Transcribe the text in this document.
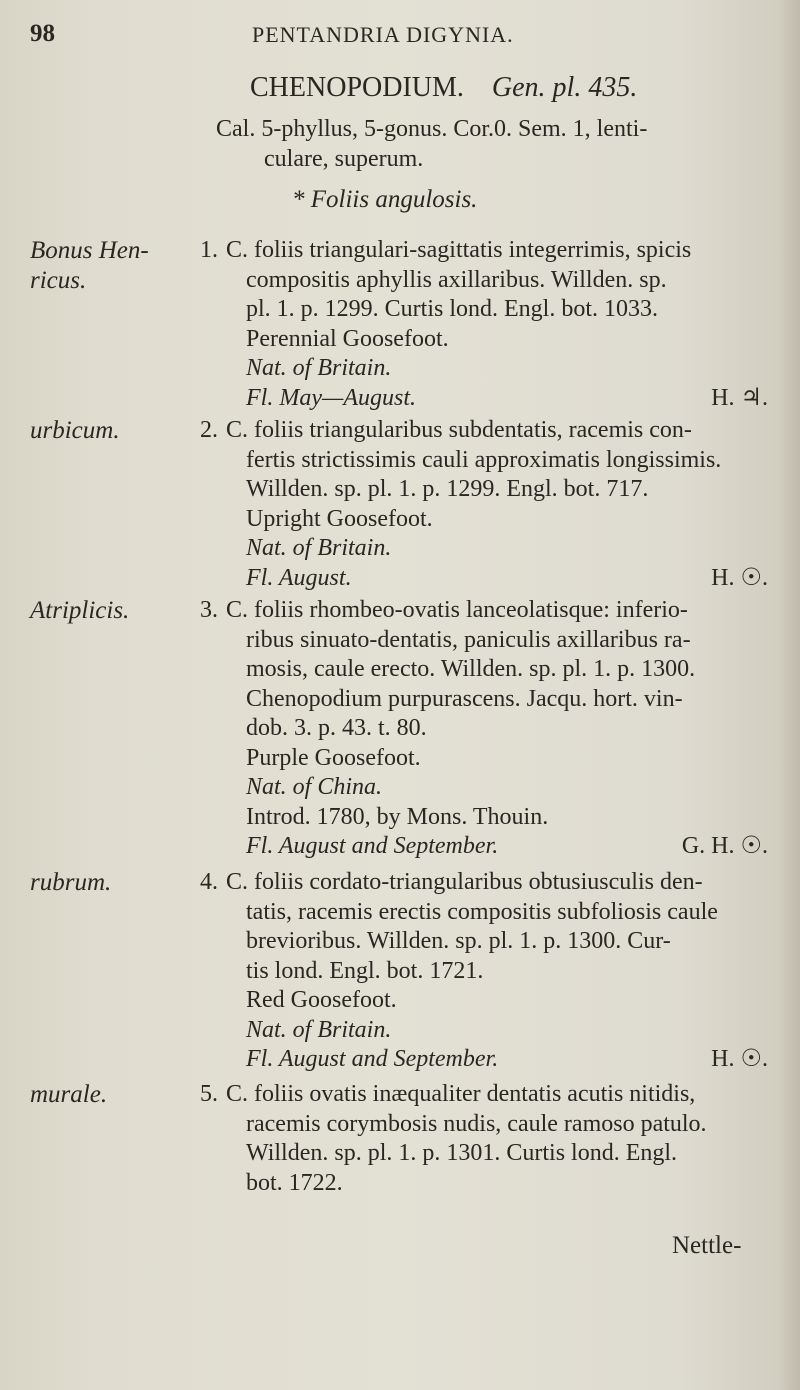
98	PENTANDRIA DIGYNIA.
CHENOPODIUM. Gen. pl. 435.
Cal. 5-phyllus, 5-gonus. Cor.0. Sem. 1, lenti-
culare, superum.
* Foliis angulosis.
Bonus Hen-
ricus.
1. C. foliis triangulari-sagittatis integerrimis, spicis
compositis aphyllis axillaribus. Willden. sp.
pl. 1. p. 1299. Curtis lond. Engl. bot. 1033.
Perennial Goosefoot.
Nat. of Britain.
Fl. May—August.	H. ♃.
urbicum.	2. C. foliis triangularibus subdentatis, racemis con-
fertis strictissimis cauli approximatis longissimis.
Willden. sp. pl. 1. p. 1299. Engl. bot. 717.
Upright Goosefoot.
Nat. of Britain.
Fl. August.	H. ☉.
Atriplicis.	3. C. foliis rhombeo-ovatis lanceolatisque: inferio-
ribus sinuato-dentatis, paniculis axillaribus ra-
mosis, caule erecto. Willden. sp. pl. 1. p. 1300.
Chenopodium purpurascens. Jacqu. hort. vin-
dob. 3. p. 43. t. 80.
Purple Goosefoot.
Nat. of China.
Introd. 1780, by Mons. Thouin.
Fl. August and September.	G. H. ☉.
rubrum.	4. C. foliis cordato-triangularibus obtusiusculis den-
tatis, racemis erectis compositis subfoliosis caule
brevioribus. Willden. sp. pl. 1. p. 1300. Cur-
tis lond. Engl. bot. 1721.
Red Goosefoot.
Nat. of Britain.
Fl. August and September.	H. ☉.
murale.	5. C. foliis ovatis inæqualiter dentatis acutis nitidis,
racemis corymbosis nudis, caule ramoso patulo.
Willden. sp. pl. 1. p. 1301. Curtis lond. Engl.
bot. 1722.
Nettle-
